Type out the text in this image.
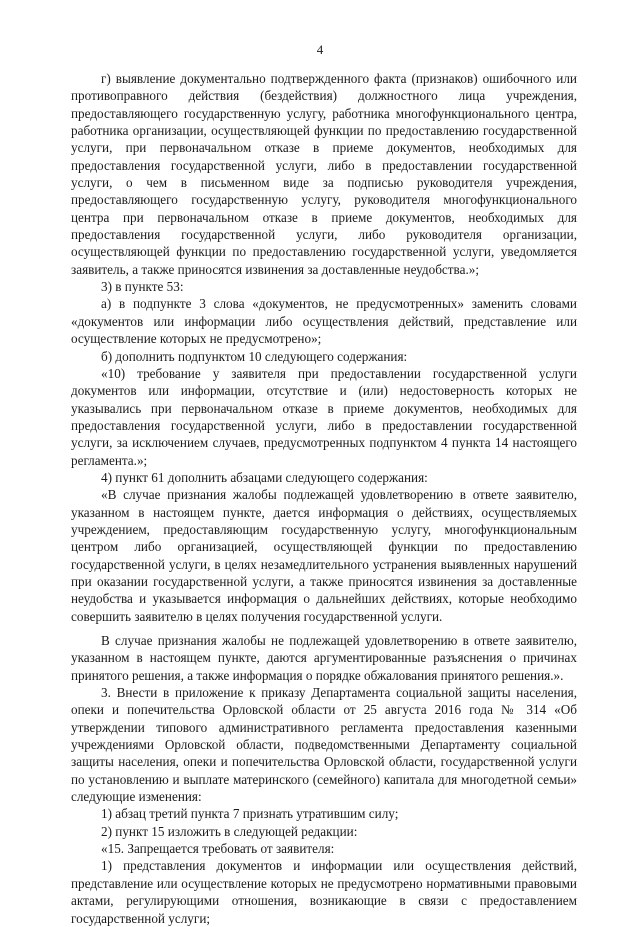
4

г) выявление документально подтвержденного факта (признаков) ошибочного или противоправного действия (бездействия) должностного лица учреждения, предоставляющего государственную услугу, работника многофункционального центра, работника организации, осуществляющей функции по предоставлению государственной услуги, при первоначальном отказе в приеме документов, необходимых для предоставления государственной услуги, либо в предоставлении государственной услуги, о чем в письменном виде за подписью руководителя учреждения, предоставляющего государственную услугу, руководителя многофункционального центра при первоначальном отказе в приеме документов, необходимых для предоставления государственной услуги, либо руководителя организации, осуществляющей функции по предоставлению государственной услуги, уведомляется заявитель, а также приносятся извинения за доставленные неудобства.»;

3) в пункте 53:

а) в подпункте 3 слова «документов, не предусмотренных» заменить словами «документов или информации либо осуществления действий, представление или осуществление которых не предусмотрено»;

б) дополнить подпунктом 10 следующего содержания:

«10) требование у заявителя при предоставлении государственной услуги документов или информации, отсутствие и (или) недостоверность которых не указывались при первоначальном отказе в приеме документов, необходимых для предоставления государственной услуги, либо в предоставлении государственной услуги, за исключением случаев, предусмотренных подпунктом 4 пункта 14 настоящего регламента.»;

4) пункт 61 дополнить абзацами следующего содержания:

«В случае признания жалобы подлежащей удовлетворению в ответе заявителю, указанном в настоящем пункте, дается информация о действиях, осуществляемых учреждением, предоставляющим государственную услугу, многофункциональным центром либо организацией, осуществляющей функции по предоставлению государственной услуги, в целях незамедлительного устранения выявленных нарушений при оказании государственной услуги, а также приносятся извинения за доставленные неудобства и указывается информация о дальнейших действиях, которые необходимо совершить заявителю в целях получения государственной услуги.

В случае признания жалобы не подлежащей удовлетворению в ответе заявителю, указанном в настоящем пункте, даются аргументированные разъяснения о причинах принятого решения, а также информация о порядке обжалования принятого решения.».

3. Внести в приложение к приказу Департамента социальной защиты населения, опеки и попечительства Орловской области от 25 августа 2016 года № 314 «Об утверждении типового административного регламента предоставления казенными учреждениями Орловской области, подведомственными Департаменту социальной защиты населения, опеки и попечительства Орловской области, государственной услуги по установлению и выплате материнского (семейного) капитала для многодетной семьи» следующие изменения:

1) абзац третий пункта 7 признать утратившим силу;

2) пункт 15 изложить в следующей редакции:

«15. Запрещается требовать от заявителя:

1) представления документов и информации или осуществления действий, представление или осуществление которых не предусмотрено нормативными правовыми актами, регулирующими отношения, возникающие в связи с предоставлением государственной услуги;
